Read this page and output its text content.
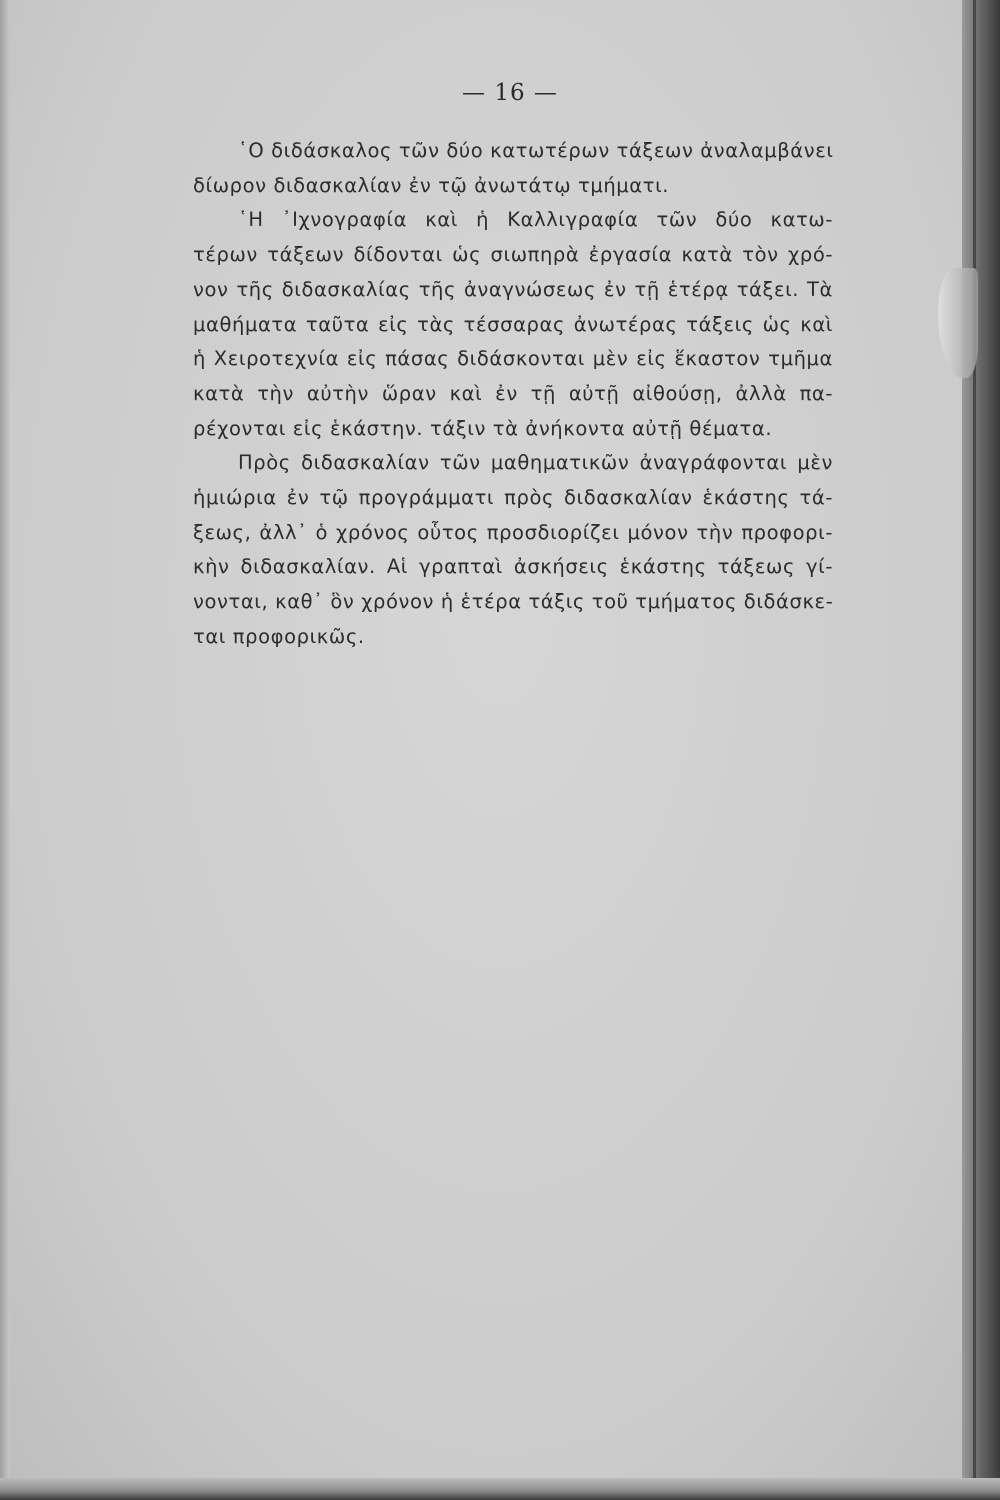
— 16 —
῾Ο διδάσκαλος τῶν δύο κατωτέρων τάξεων ἀναλαμβάνει
δίωρον διδασκαλίαν ἐν τῷ ἀνωτάτῳ τμήματι.
῾Η ᾿Ιχνογραφία καὶ ἡ Καλλιγραφία τῶν δύο κατω-
τέρων τάξεων δίδονται ὡς σιωπηρὰ ἐργασία κατὰ τὸν χρό-
νον τῆς διδασκαλίας τῆς ἀναγνώσεως ἐν τῇ ἑτέρᾳ τάξει. Τὰ
μαθήματα ταῦτα εἰς τὰς τέσσαρας ἀνωτέρας τάξεις ὡς καὶ
ἡ Χειροτεχνία εἰς πάσας διδάσκονται μὲν εἰς ἕκαστον τμῆμα
κατὰ τὴν αὐτὴν ὥραν καὶ ἐν τῇ αὐτῇ αἰθούσῃ, ἀλλὰ πα-
ρέχονται εἰς ἑκάστην. τάξιν τὰ ἀνήκοντα αὐτῇ θέματα.
Πρὸς διδασκαλίαν τῶν μαθηματικῶν ἀναγράφονται μὲν
ἡμιώρια ἐν τῷ προγράμματι πρὸς διδασκαλίαν ἑκάστης τά-
ξεως, ἀλλ᾿ ὁ χρόνος οὗτος προσδιορίζει μόνον τὴν προφορι-
κὴν διδασκαλίαν. Αἱ γραπταὶ ἀσκήσεις ἑκάστης τάξεως γί-
νονται, καθ᾿ ὃν χρόνον ἡ ἑτέρα τάξις τοῦ τμήματος διδάσκε-
ται προφορικῶς.
